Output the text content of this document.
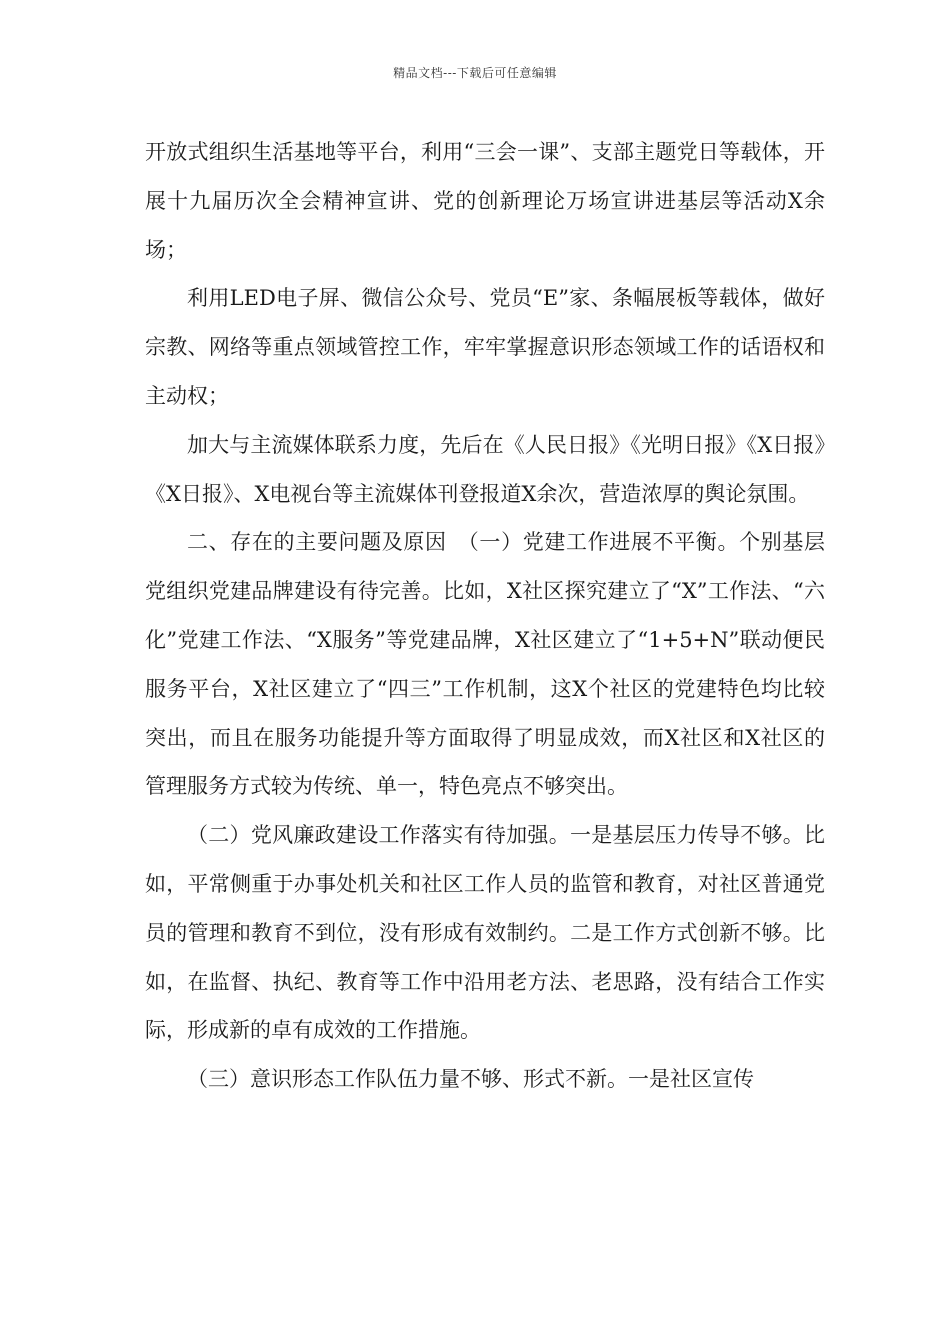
精品文档---下载后可任意编辑

开放式组织生活基地等平台，利用“三会一课”、支部主题党日等载体，开展十九届历次全会精神宣讲、党的创新理论万场宣讲进基层等活动X余场；

利用LED电子屏、微信公众号、党员“E”家、条幅展板等载体，做好宗教、网络等重点领域管控工作，牢牢掌握意识形态领域工作的话语权和主动权；

加大与主流媒体联系力度，先后在《人民日报》《光明日报》《X日报》《X日报》、X电视台等主流媒体刊登报道X余次，营造浓厚的舆论氛围。

二、存在的主要问题及原因　（一）党建工作进展不平衡。个别基层党组织党建品牌建设有待完善。比如，X社区探究建立了“X”工作法、“六化”党建工作法、“X服务”等党建品牌，X社区建立了“1+5+N”联动便民服务平台，X社区建立了“四三”工作机制，这X个社区的党建特色均比较突出，而且在服务功能提升等方面取得了明显成效，而X社区和X社区的管理服务方式较为传统、单一，特色亮点不够突出。

（二）党风廉政建设工作落实有待加强。一是基层压力传导不够。比如，平常侧重于办事处机关和社区工作人员的监管和教育，对社区普通党员的管理和教育不到位，没有形成有效制约。二是工作方式创新不够。比如，在监督、执纪、教育等工作中沿用老方法、老思路，没有结合工作实际，形成新的卓有成效的工作措施。

（三）意识形态工作队伍力量不够、形式不新。一是社区宣传
